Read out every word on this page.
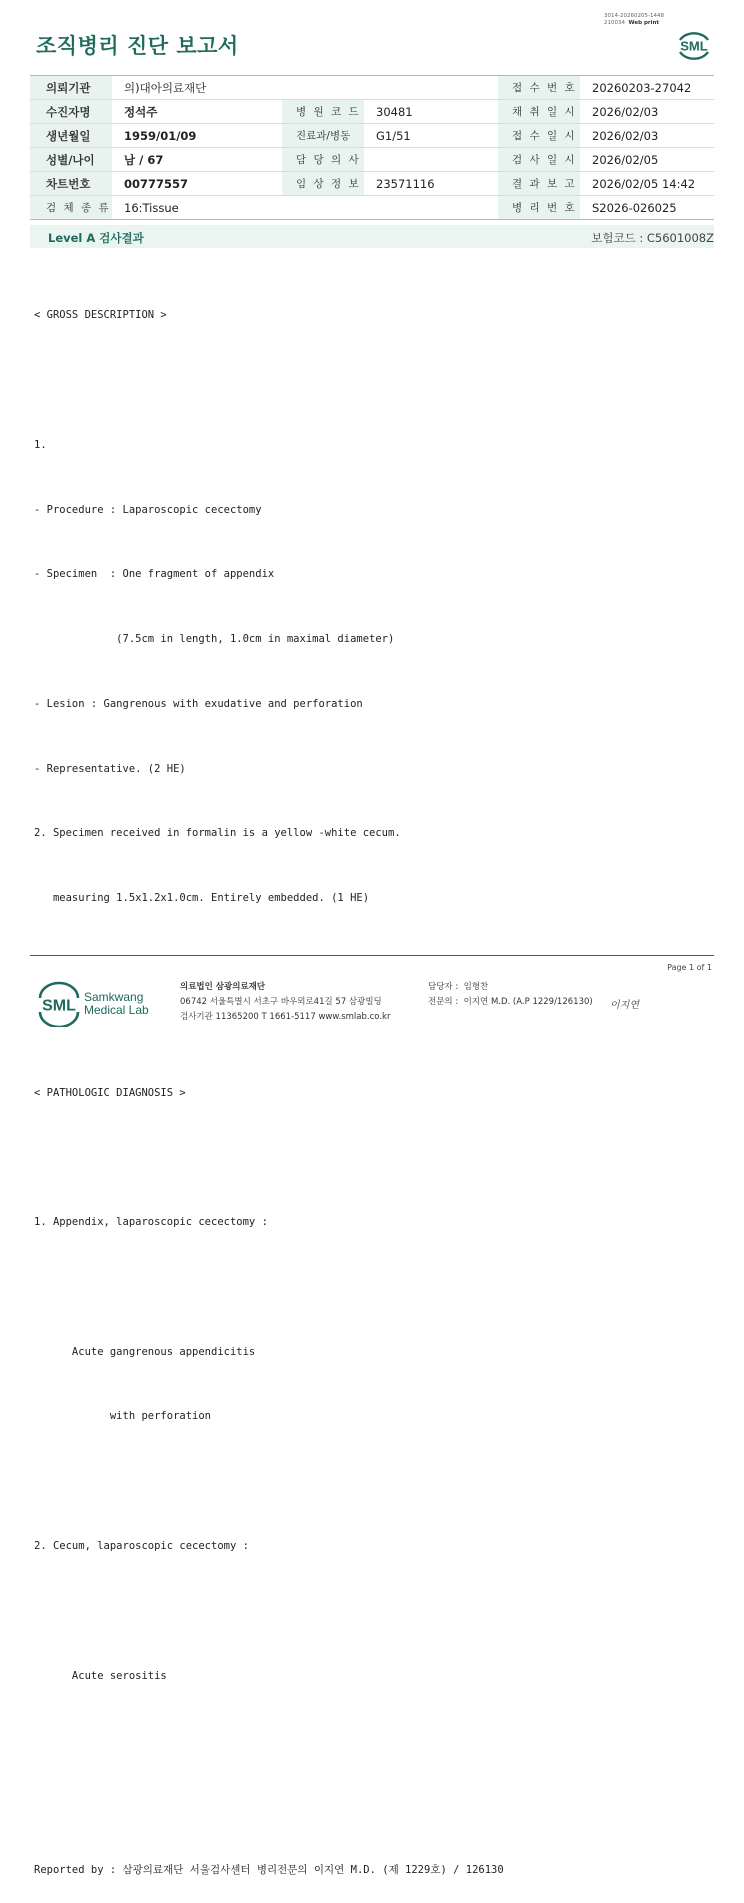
조직병리 진단 보고서
3014-20260205-1448
210034 Web print
SML
의뢰기관	의)대아의료재단			접 수 번 호	20260203-27042
수진자명	정석주	병 원 코 드	30481	채 취 일 시	2026/02/03
생년월일	1959/01/09	진료과/병동	G1/51	접 수 일 시	2026/02/03
성별/나이	남 / 67	담 당 의 사		검 사 일 시	2026/02/05
차트번호	00777557	임 상 정 보	23571116	결 과 보 고	2026/02/05 14:42
검 체 종 류	16:Tissue			병 리 번 호	S2026-026025
Level A 검사결과	보험코드 : C5601008Z

< GROSS DESCRIPTION >

1.

- Procedure : Laparoscopic cecectomy

- Specimen  : One fragment of appendix

(7.5cm in length, 1.0cm in maximal diameter)

- Lesion : Gangrenous with exudative and perforation

- Representative. (2 HE)

2. Specimen received in formalin is a yellow -white cecum.

measuring 1.5x1.2x1.0cm. Entirely embedded. (1 HE)

< PATHOLOGIC DIAGNOSIS >

1. Appendix, laparoscopic cecectomy :

Acute gangrenous appendicitis

with perforation

2. Cecum, laparoscopic cecectomy :

Acute serositis

Reported by : 삼광의료재단 서울검사센터 병리전문의 이지연 M.D. (제 1229호) / 126130

Page 1 of 1
SML
Samkwang
Medical Lab
의료법인 삼광의료재단
06742 서울특별시 서초구 바우뫼로41길 57 삼광빌딩
검사기관 11365200 T 1661-5117 www.smlab.co.kr
담당자 : 임형찬
전문의 : 이지연 M.D. (A.P 1229/126130) 이지연
